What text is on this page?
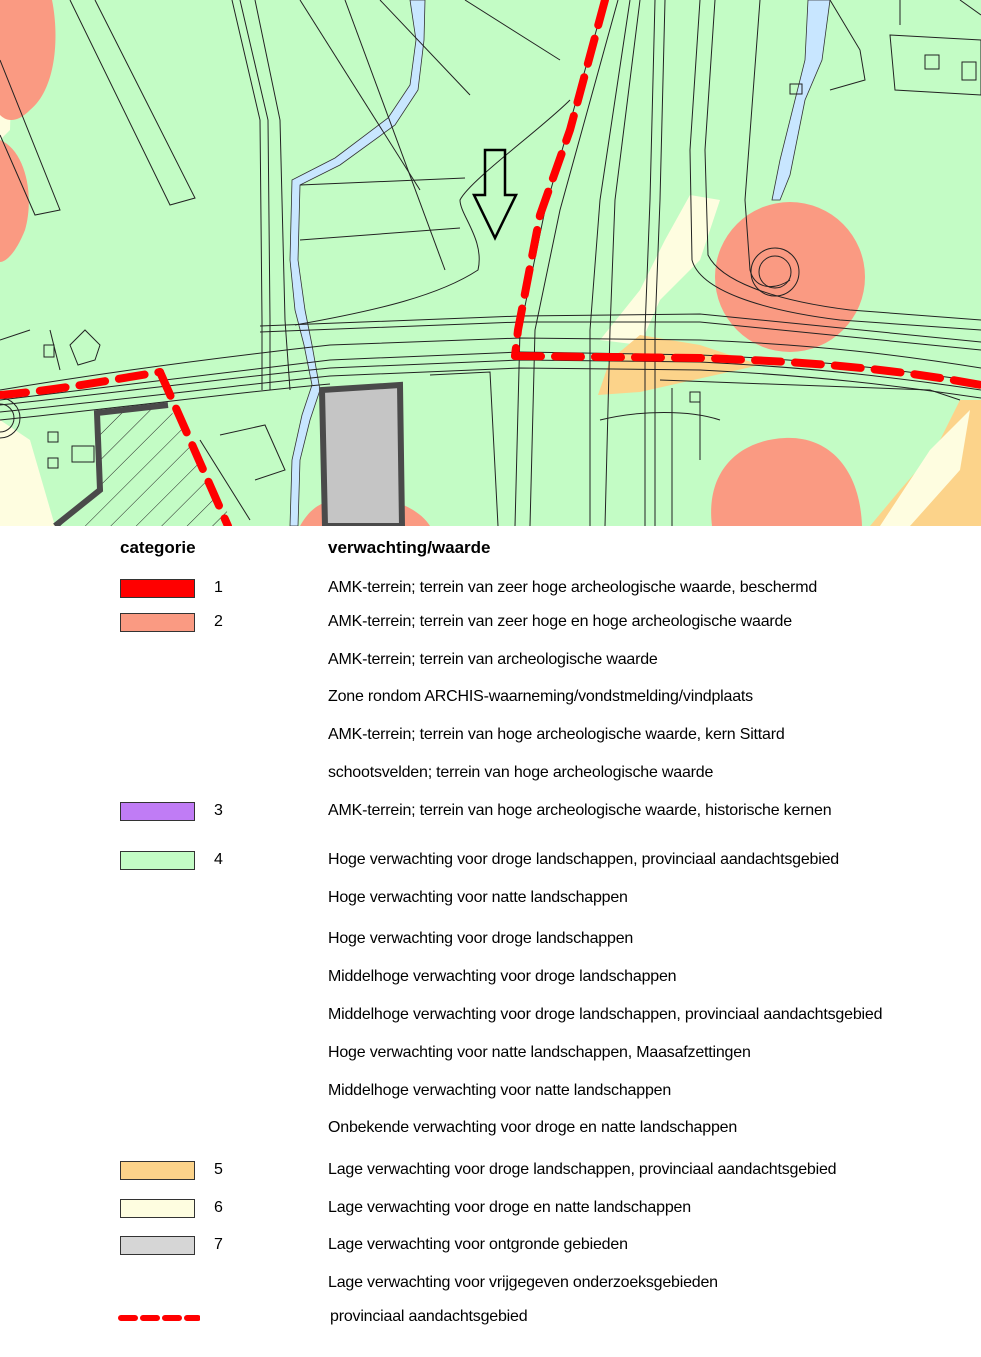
categorie	verwachting/waarde
1	AMK-terrein; terrein van zeer hoge archeologische waarde, beschermd
2	AMK-terrein; terrein van zeer hoge en hoge archeologische waarde
AMK-terrein; terrein van archeologische waarde
Zone rondom ARCHIS-waarneming/vondstmelding/vindplaats
AMK-terrein; terrein van hoge archeologische waarde, kern Sittard
schootsvelden; terrein van hoge archeologische waarde
3	AMK-terrein; terrein van hoge archeologische waarde, historische kernen
4	Hoge verwachting voor droge landschappen, provinciaal aandachtsgebied
Hoge verwachting voor natte landschappen
Hoge verwachting voor droge landschappen
Middelhoge verwachting voor droge landschappen
Middelhoge verwachting voor droge landschappen, provinciaal aandachtsgebied
Hoge verwachting voor natte landschappen, Maasafzettingen
Middelhoge verwachting voor natte landschappen
Onbekende verwachting voor droge en natte landschappen
5	Lage verwachting voor droge landschappen, provinciaal aandachtsgebied
6	Lage verwachting voor droge en natte landschappen
7	Lage verwachting voor ontgronde gebieden
Lage verwachting voor vrijgegeven onderzoeksgebieden
provinciaal aandachtsgebied
